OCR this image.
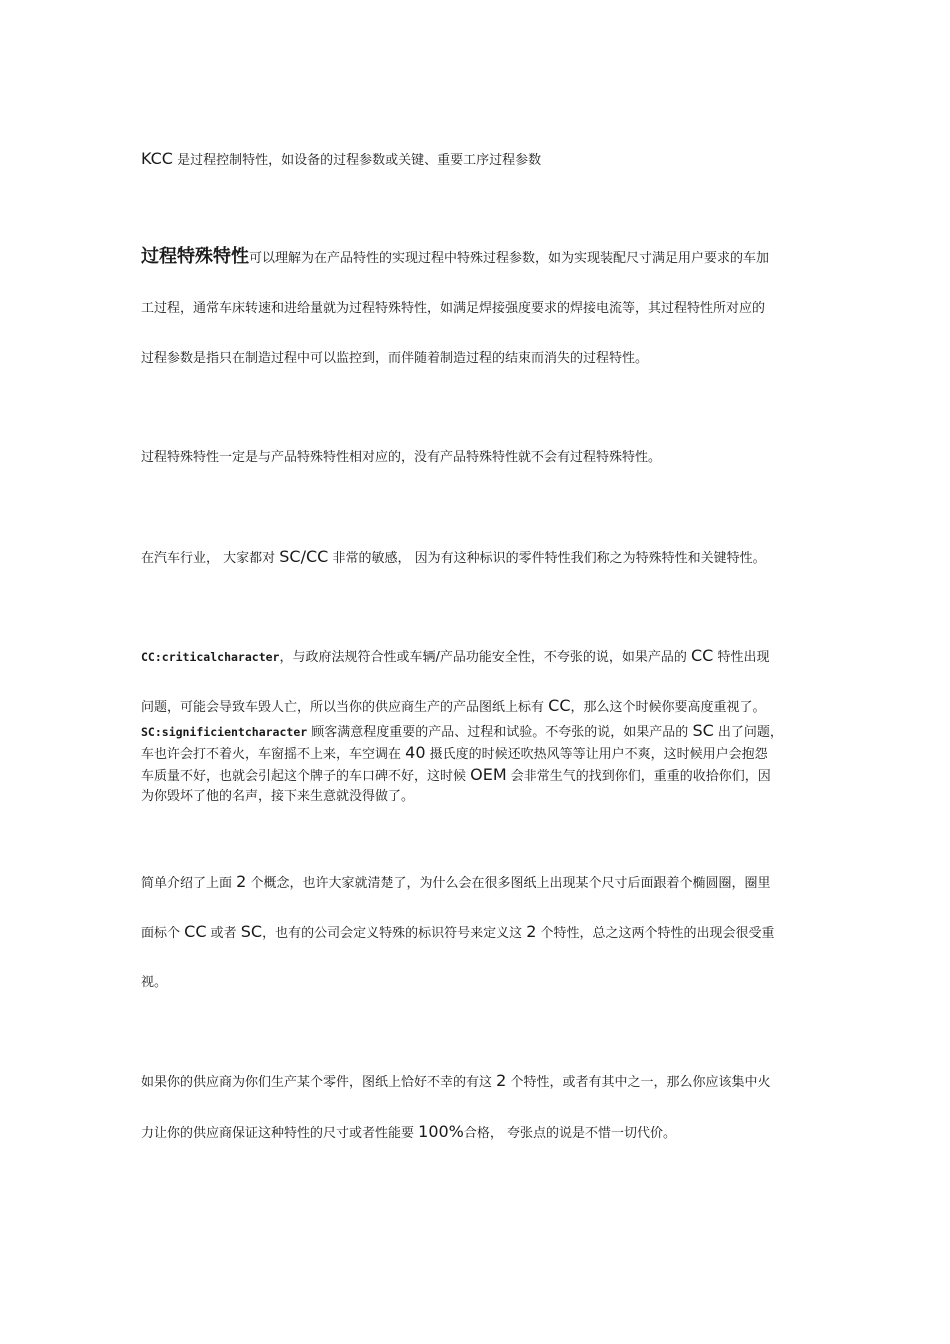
KCC 是过程控制特性，如设备的过程参数或关键、重要工序过程参数
过程特殊特性可以理解为在产品特性的实现过程中特殊过程参数，如为实现装配尺寸满足用户要求的车加
工过程，通常车床转速和进给量就为过程特殊特性，如满足焊接强度要求的焊接电流等，其过程特性所对应的
过程参数是指只在制造过程中可以监控到，而伴随着制造过程的结束而消失的过程特性。
过程特殊特性一定是与产品特殊特性相对应的，没有产品特殊特性就不会有过程特殊特性。
在汽车行业， 大家都对 SC/CC 非常的敏感， 因为有这种标识的零件特性我们称之为特殊特性和关键特性。
CC:criticalcharacter，与政府法规符合性或车辆/产品功能安全性，不夸张的说，如果产品的 CC 特性出现
问题，可能会导致车毁人亡，所以当你的供应商生产的产品图纸上标有 CC，那么这个时候你要高度重视了。
SC:significientcharacter 顾客满意程度重要的产品、过程和试验。不夸张的说，如果产品的 SC 出了问题，
车也许会打不着火，车窗摇不上来，车空调在 40 摄氏度的时候还吹热风等等让用户不爽，这时候用户会抱怨
车质量不好，也就会引起这个牌子的车口碑不好，这时候 OEM 会非常生气的找到你们，重重的收拾你们，因
为你毁坏了他的名声，接下来生意就没得做了。
简单介绍了上面 2 个概念，也许大家就清楚了，为什么会在很多图纸上出现某个尺寸后面跟着个椭圆圈，圈里
面标个 CC 或者 SC，也有的公司会定义特殊的标识符号来定义这 2 个特性，总之这两个特性的出现会很受重
视。
如果你的供应商为你们生产某个零件，图纸上恰好不幸的有这 2 个特性，或者有其中之一，那么你应该集中火
力让你的供应商保证这种特性的尺寸或者性能要 100%合格， 夸张点的说是不惜一切代价。
